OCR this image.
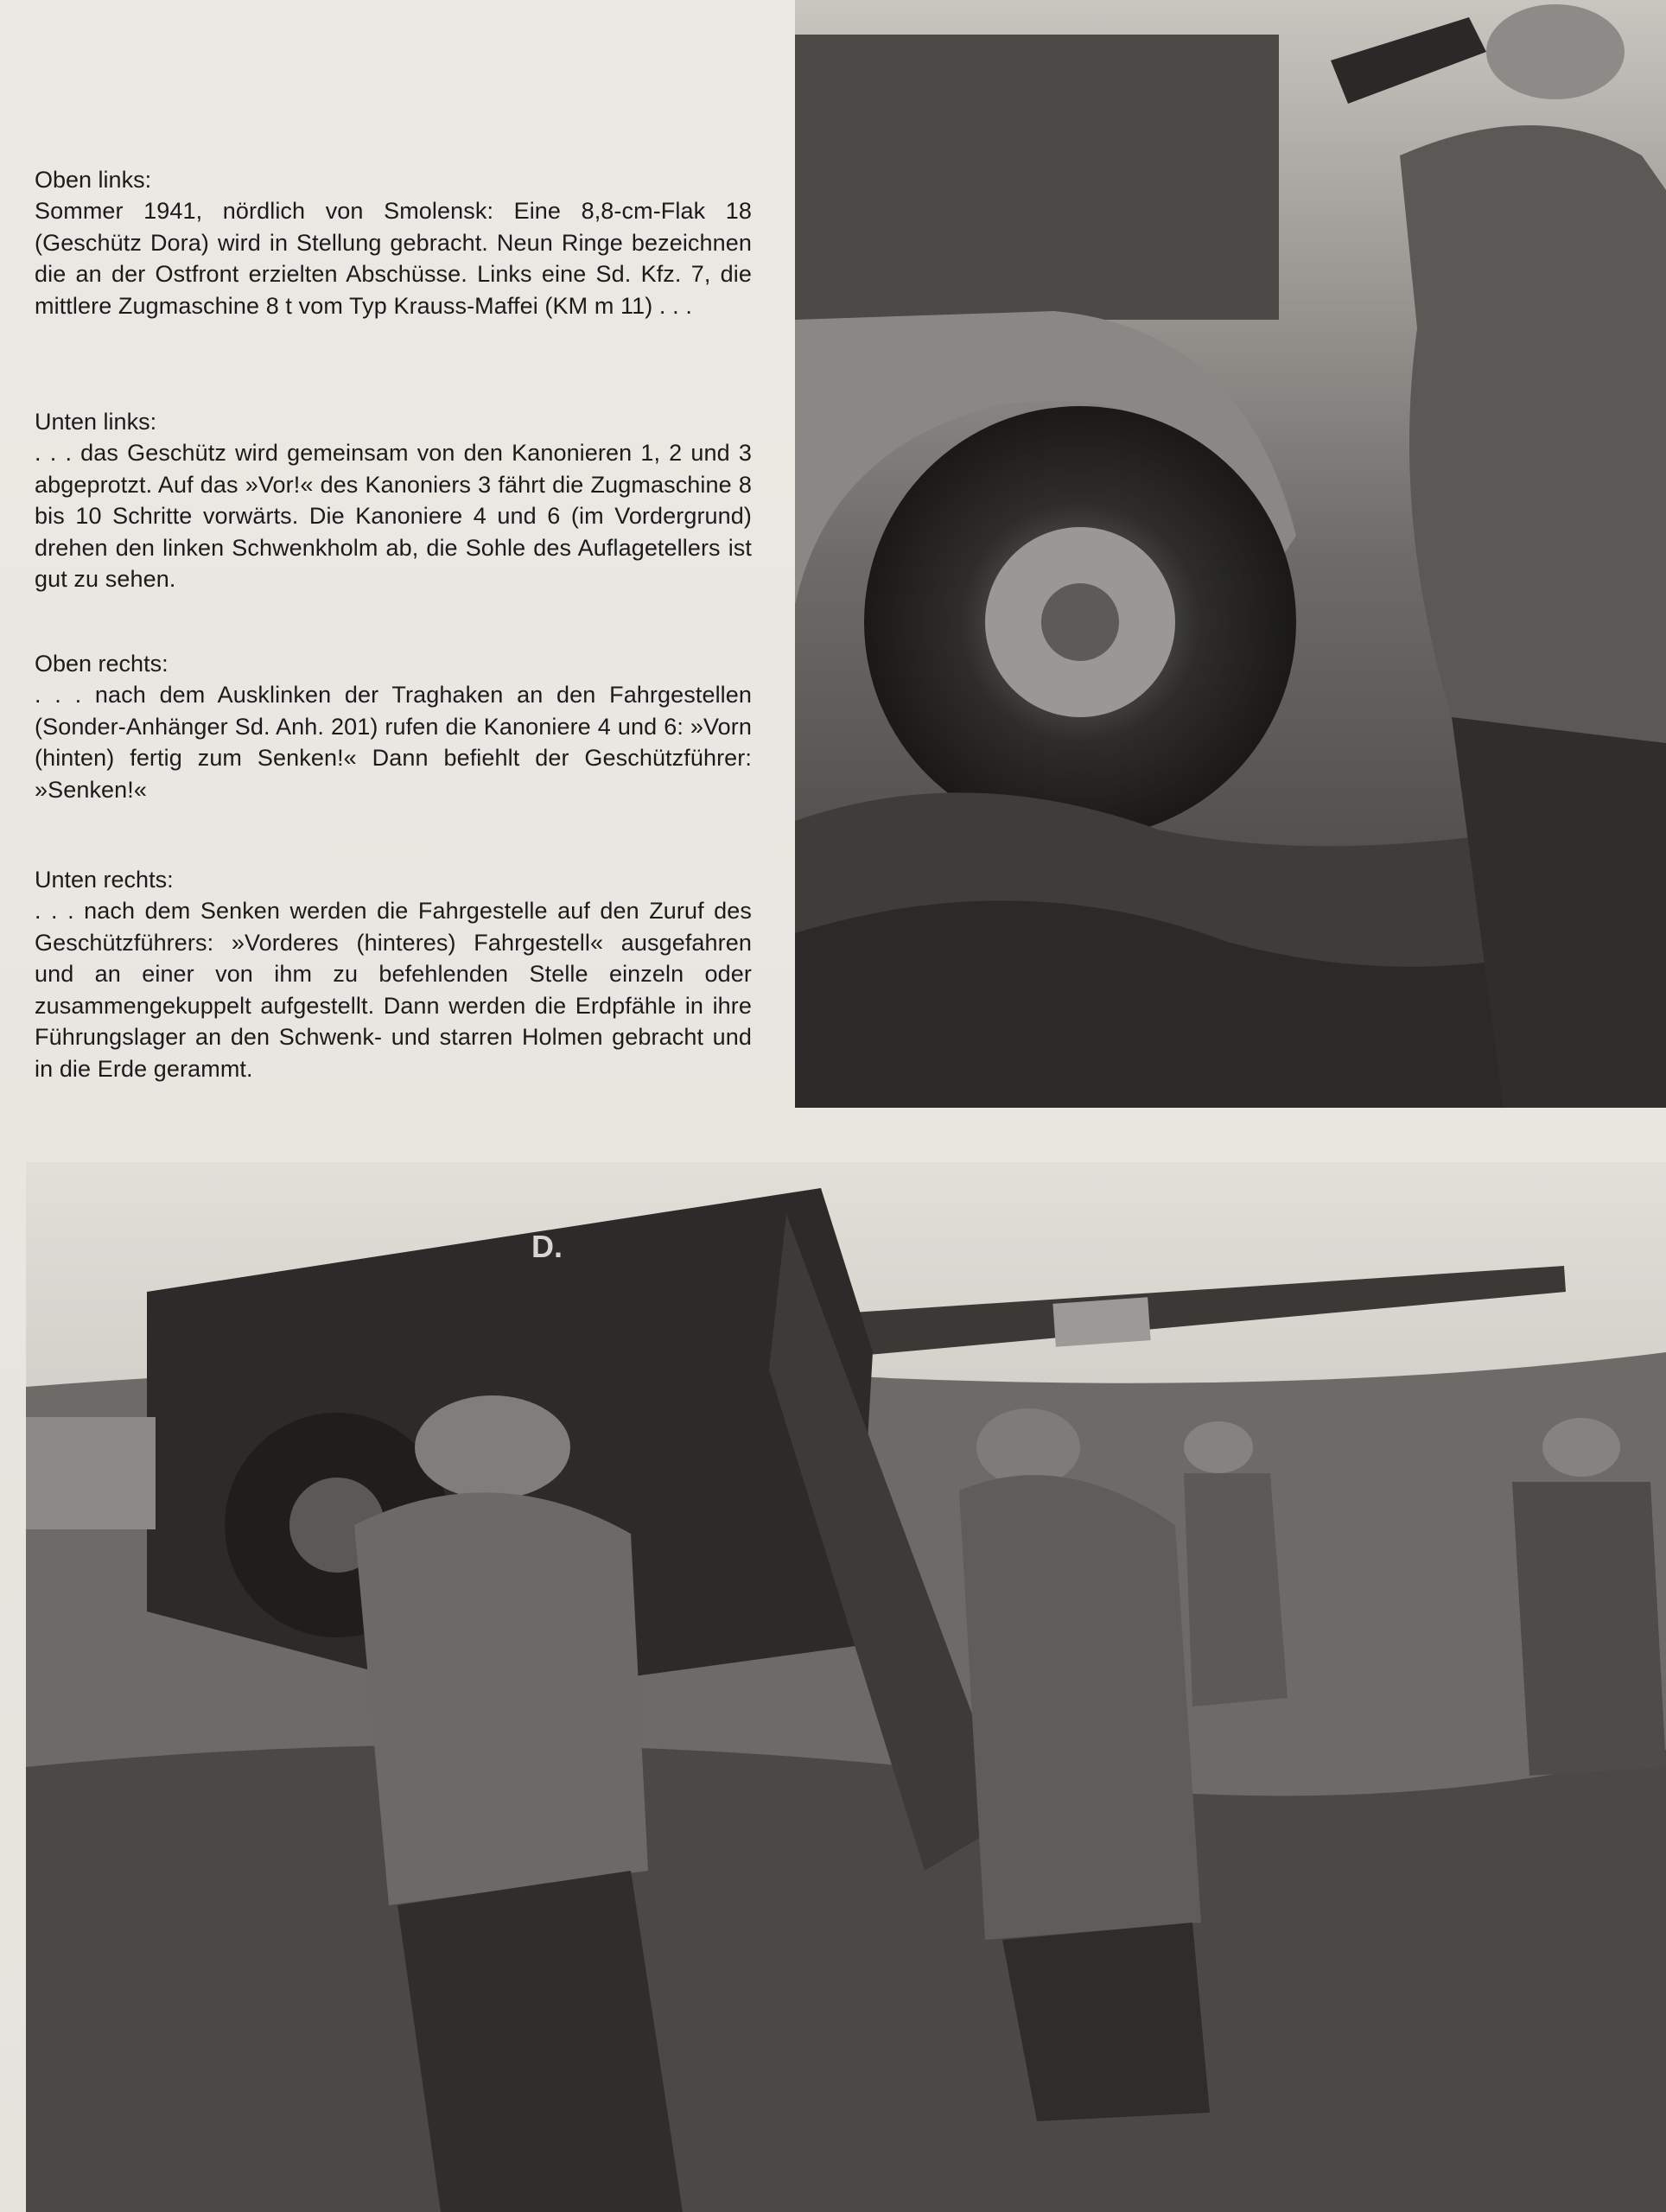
Oben links:

Sommer 1941, nördlich von Smolensk: Eine 8,8-cm-Flak 18 (Geschütz Dora) wird in Stellung gebracht. Neun Ringe bezeichnen die an der Ostfront erzielten Abschüsse. Links eine Sd. Kfz. 7, die mittlere Zugmaschine 8 t vom Typ Krauss-Maffei (KM m 11) . . .

Unten links:

. . . das Geschütz wird gemeinsam von den Kanonieren 1, 2 und 3 abgeprotzt. Auf das »Vor!« des Kanoniers 3 fährt die Zugmaschine 8 bis 10 Schritte vorwärts. Die Kanoniere 4 und 6 (im Vordergrund) drehen den linken Schwenkholm ab, die Sohle des Auflagetellers ist gut zu sehen.

Oben rechts:

. . . nach dem Ausklinken der Traghaken an den Fahrgestellen (Sonder-Anhänger Sd. Anh. 201) rufen die Kanoniere 4 und 6: »Vorn (hinten) fertig zum Senken!« Dann befiehlt der Geschützführer: »Senken!«

Unten rechts:

. . . nach dem Senken werden die Fahrgestelle auf den Zuruf des Geschützführers: »Vorderes (hinteres) Fahrgestell« ausgefahren und an einer von ihm zu befehlenden Stelle einzeln oder zusammengekuppelt aufgestellt. Dann werden die Erdpfähle in ihre Führungslager an den Schwenk- und starren Holmen gebracht und in die Erde gerammt.

D.
